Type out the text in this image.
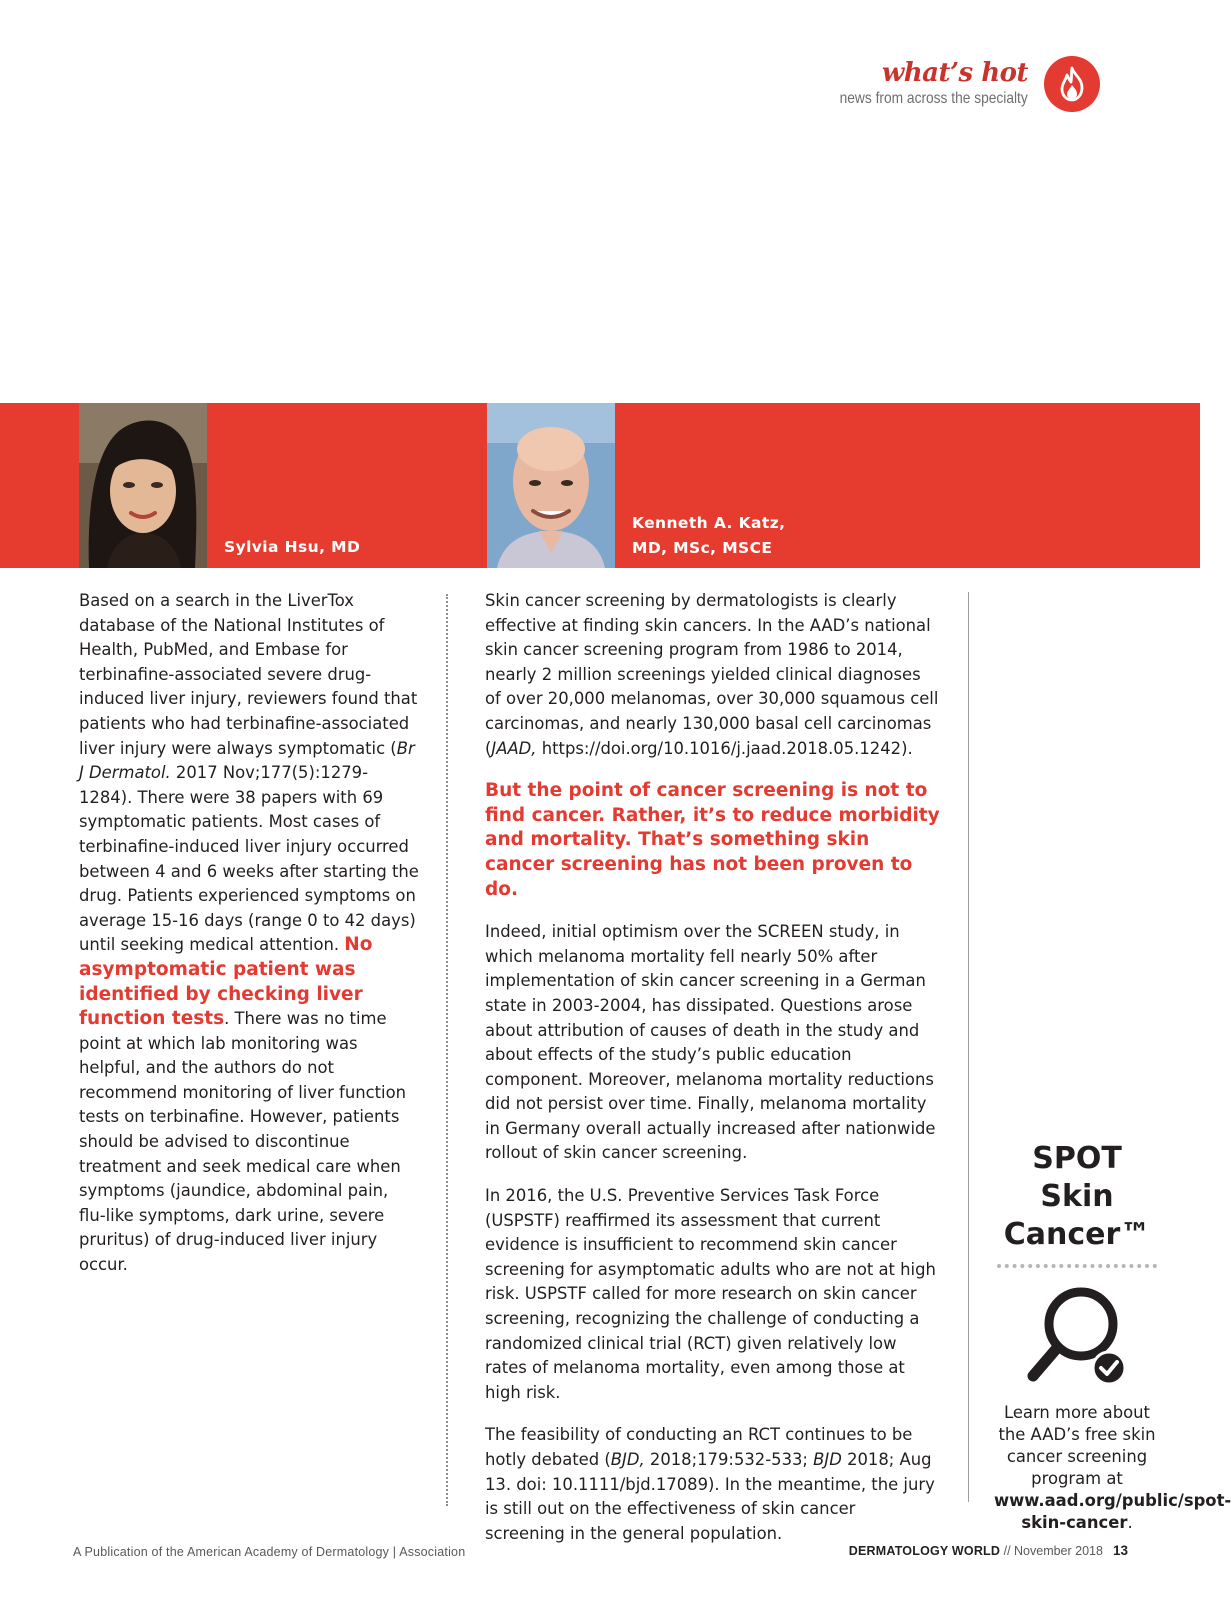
what’s hot
news from across the specialty
Sylvia Hsu, MD
Kenneth A. Katz,
MD, MSc, MSCE
Based on a search in the LiverTox database of the National Institutes of Health, PubMed, and Embase for terbinafine-associated severe drug-induced liver injury, reviewers found that patients who had terbinafine-associated liver injury were always symptomatic (Br J Dermatol. 2017 Nov;177(5):1279-1284). There were 38 papers with 69 symptomatic patients. Most cases of terbinafine-induced liver injury occurred between 4 and 6 weeks after starting the drug. Patients experienced symptoms on average 15-16 days (range 0 to 42 days) until seeking medical attention. No asymptomatic patient was identified by checking liver function tests. There was no time point at which lab monitoring was helpful, and the authors do not recommend monitoring of liver function tests on terbinafine. However, patients should be advised to discontinue treatment and seek medical care when symptoms (jaundice, abdominal pain, flu-like symptoms, dark urine, severe pruritus) of drug-induced liver injury occur.

Skin cancer screening by dermatologists is clearly effective at finding skin cancers. In the AAD’s national skin cancer screening program from 1986 to 2014, nearly 2 million screenings yielded clinical diagnoses of over 20,000 melanomas, over 30,000 squamous cell carcinomas, and nearly 130,000 basal cell carcinomas (JAAD, https://doi.org/10.1016/j.jaad.2018.05.1242).

But the point of cancer screening is not to find cancer. Rather, it’s to reduce morbidity and mortality. That’s something skin cancer screening has not been proven to do.

Indeed, initial optimism over the SCREEN study, in which melanoma mortality fell nearly 50% after implementation of skin cancer screening in a German state in 2003-2004, has dissipated. Questions arose about attribution of causes of death in the study and about effects of the study’s public education component. Moreover, melanoma mortality reductions did not persist over time. Finally, melanoma mortality in Germany overall actually increased after nationwide rollout of skin cancer screening.

In 2016, the U.S. Preventive Services Task Force (USPSTF) reaffirmed its assessment that current evidence is insufficient to recommend skin cancer screening for asymptomatic adults who are not at high risk. USPSTF called for more research on skin cancer screening, recognizing the challenge of conducting a randomized clinical trial (RCT) given relatively low rates of melanoma mortality, even among those at high risk.

The feasibility of conducting an RCT continues to be hotly debated (BJD, 2018;179:532-533; BJD 2018; Aug 13. doi: 10.1111/bjd.17089). In the meantime, the jury is still out on the effectiveness of skin cancer screening in the general population.

SPOT Skin Cancer™
Learn more about the AAD’s free skin cancer screening program at www.aad.org/public/spot-skin-cancer.
A Publication of the American Academy of Dermatology | Association	DERMATOLOGY WORLD // November 2018 13
